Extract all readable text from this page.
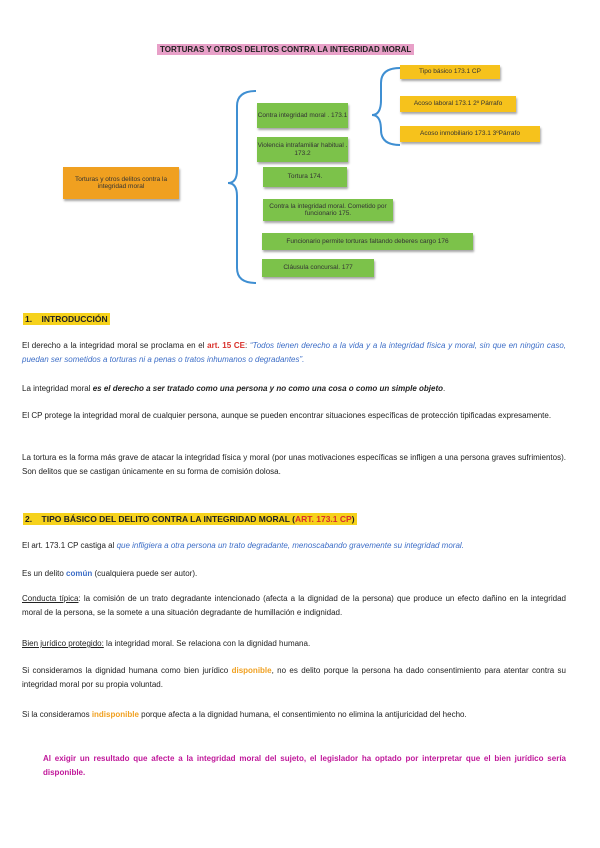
TORTURAS Y OTROS DELITOS CONTRA LA INTEGRIDAD MORAL
Torturas y otros delitos contra la integridad moral
Contra integridad moral . 173.1
Violencia intrafamiliar habitual . 173.2
Tortura 174.
Contra la integridad moral. Cometido por funcionario 175.
Funcionario permite torturas faltando deberes cargo 176
Cláusula concursal. 177
Tipo básico 173.1 CP
Acoso laboral 173.1 2º Párrafo
Acoso inmobiliario 173.1 3ºPárrafo
1. INTRODUCCIÓN
El derecho a la integridad moral se proclama en el art. 15 CE: “Todos tienen derecho a la vida y a la integridad física y moral, sin que en ningún caso, puedan ser sometidos a torturas ni a penas o tratos inhumanos o degradantes”.
La integridad moral es el derecho a ser tratado como una persona y no como una cosa o como un simple objeto.
El CP protege la integridad moral de cualquier persona, aunque se pueden encontrar situaciones específicas de protección tipificadas expresamente.
La tortura es la forma más grave de atacar la integridad física y moral (por unas motivaciones específicas se infligen a una persona graves sufrimientos). Son delitos que se castigan únicamente en su forma de comisión dolosa.
2. TIPO BÁSICO DEL DELITO CONTRA LA INTEGRIDAD MORAL (ART. 173.1 CP)
El art. 173.1 CP castiga al que infligiera a otra persona un trato degradante, menoscabando gravemente su integridad moral.
Es un delito común (cualquiera puede ser autor).
Conducta típica: la comisión de un trato degradante intencionado (afecta a la dignidad de la persona) que produce un efecto dañino en la integridad moral de la persona, se la somete a una situación degradante de humillación e indignidad.
Bien jurídico protegido: la integridad moral. Se relaciona con la dignidad humana.
Si consideramos la dignidad humana como bien jurídico disponible, no es delito porque la persona ha dado consentimiento para atentar contra su integridad moral por su propia voluntad.
Si la consideramos indisponible porque afecta a la dignidad humana, el consentimiento no elimina la antijuricidad del hecho.
Al exigir un resultado que afecte a la integridad moral del sujeto, el legislador ha optado por interpretar que el bien jurídico sería disponible.
